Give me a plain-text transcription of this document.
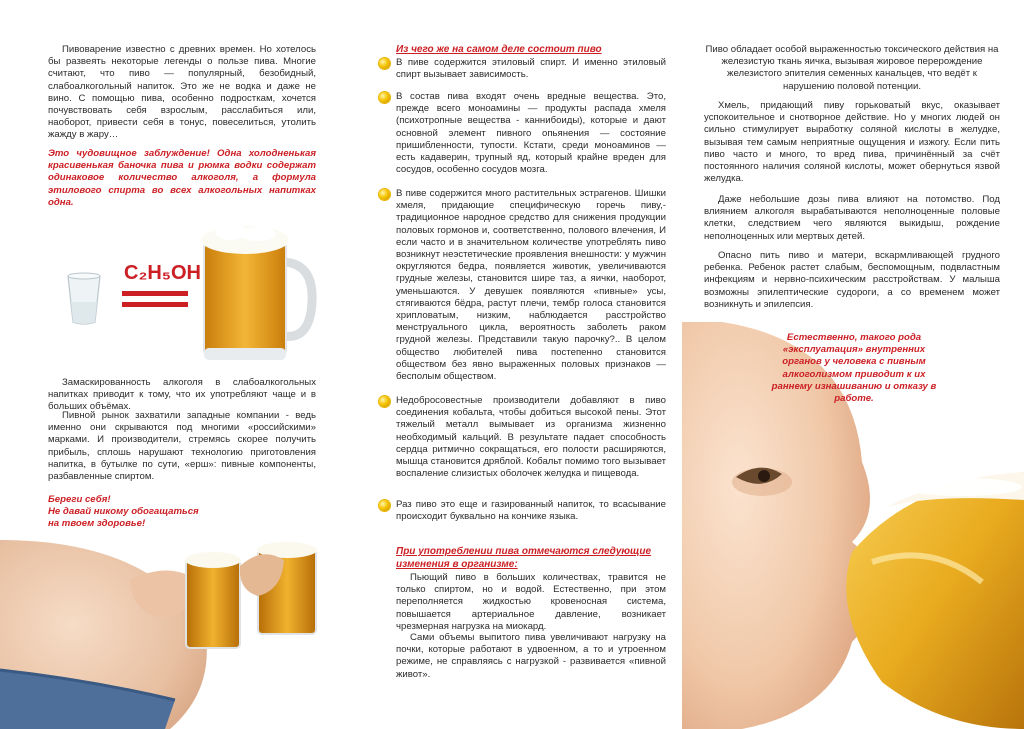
Пивоварение известно с древних времен. Но хотелось бы развеять некоторые легенды о пользе пива. Многие считают, что пиво — популярный, безобидный, слабоалкогольный напиток. Это же не водка и даже не вино. С помощью пива, особенно подросткам, хочется почувствовать себя взрослым, расслабиться или, наоборот, привести себя в тонус, повеселиться, утолить жажду в жару…

Это чудовищное заблуждение! Одна холодненькая красивенькая баночка пива и рюмка водки содержат одинаковое количество алкоголя, а формула этилового спирта во всех алкогольных напитках одна.

C₂H₅OH

Замаскированность алкоголя в слабоалкогольных напитках приводит к тому, что их употребляют чаще и в больших объёмах.

Пивной рынок захватили западные компании - ведь именно они скрываются под многими «российскими» марками. И производители, стремясь скорее получить прибыль, сплошь нарушают технологию приготовления напитка, в бутылке по сути, «ерш»: пивные компоненты, разбавленные спиртом.

Береги себя!
Не давай никому обогащаться
на твоем здоровье!

Из чего же на самом деле состоит пиво
В пиве содержится этиловый спирт. И именно этиловый спирт вызывает зависимость.
В состав пива входят очень вредные вещества. Это, прежде всего моноамины — продукты распада хмеля (психотропные вещества - каннибоиды), которые и дают основной элемент пивного опьянения — состояние пришибленности, тупости. Кстати, среди моноаминов — есть кадаверин, трупный яд, который крайне вреден для сосудов, особенно сосудов мозга.
В пиве содержится много растительных эстрагенов. Шишки хмеля, придающие специфическую горечь пиву,- традиционное народное средство для снижения продукции половых гормонов и, соответственно, полового влечения, И если часто и в значительном количестве употреблять пиво возникнут неэстетические проявления внешности: у мужчин округляются бедра, появляется животик, увеличиваются грудные железы, становится шире таз, а яички, наоборот, уменьшаются. У девушек появляются «пивные» усы, стягиваются бёдра, растут плечи, тембр голоса становится хрипловатым, низким, наблюдается расстройство менструального цикла, вероятность заболеть раком грудной железы. Представили такую парочку?.. В целом общество любителей пива постепенно становится обществом без явно выраженных половых признаков — бесполым обществом.
Недобросовестные производители добавляют в пиво соединения кобальта, чтобы добиться высокой пены. Этот тяжелый металл вымывает из организма жизненно необходимый кальций. В результате падает способность сердца ритмично сокращаться, его полости расширяются, мышца становится дряблой. Кобальт помимо того вызывает воспаление слизистых оболочек желудка и пищевода.
Раз пиво это еще и газированный напиток, то всасывание происходит буквально на кончике языка.
При употреблении пива отмечаются следующие изменения в организме:

Пьющий пиво в больших количествах, травится не только спиртом, но и водой. Естественно, при этом переполняется жидкостью кровеносная система, повышается артериальное давление, возникает чрезмерная нагрузка на миокард.

Сами объемы выпитого пива увеличивают нагрузку на почки, которые работают в удвоенном, а то и утроенном режиме, не справляясь с нагрузкой - развивается «пивной живот».

Пиво обладает особой выраженностью токсического действия на железистую ткань яичка, вызывая жировое перерождение железистого эпителия семенных канальцев, что ведёт к нарушению половой потенции.

Хмель, придающий пиву горьковатый вкус, оказывает успокоительное и снотворное действие. Но у многих людей он сильно стимулирует выработку соляной кислоты в желудке, вызывая тем самым неприятные ощущения и изжогу. Если пить пиво часто и много, то вред пива, причинённый за счёт постоянного наличия соляной кислоты, может обернуться язвой желудка.

Даже небольшие дозы пива влияют на потомство. Под влиянием алкоголя вырабатываются неполноценные половые клетки, следствием чего являются выкидыш, рождение неполноценных или мертвых детей.

Опасно пить пиво и матери, вскармливающей грудного ребенка. Ребенок растет слабым, беспомощным, подвластным инфекциям и нервно-психическим расстройствам. У малыша возможны эпилептические судороги, а со временем может возникнуть и эпилепсия.

Естественно, такого рода «эксплуатация» внутренних органов у человека с пивным алкоголизмом приводит к их раннему изнашиванию и отказу в работе.
